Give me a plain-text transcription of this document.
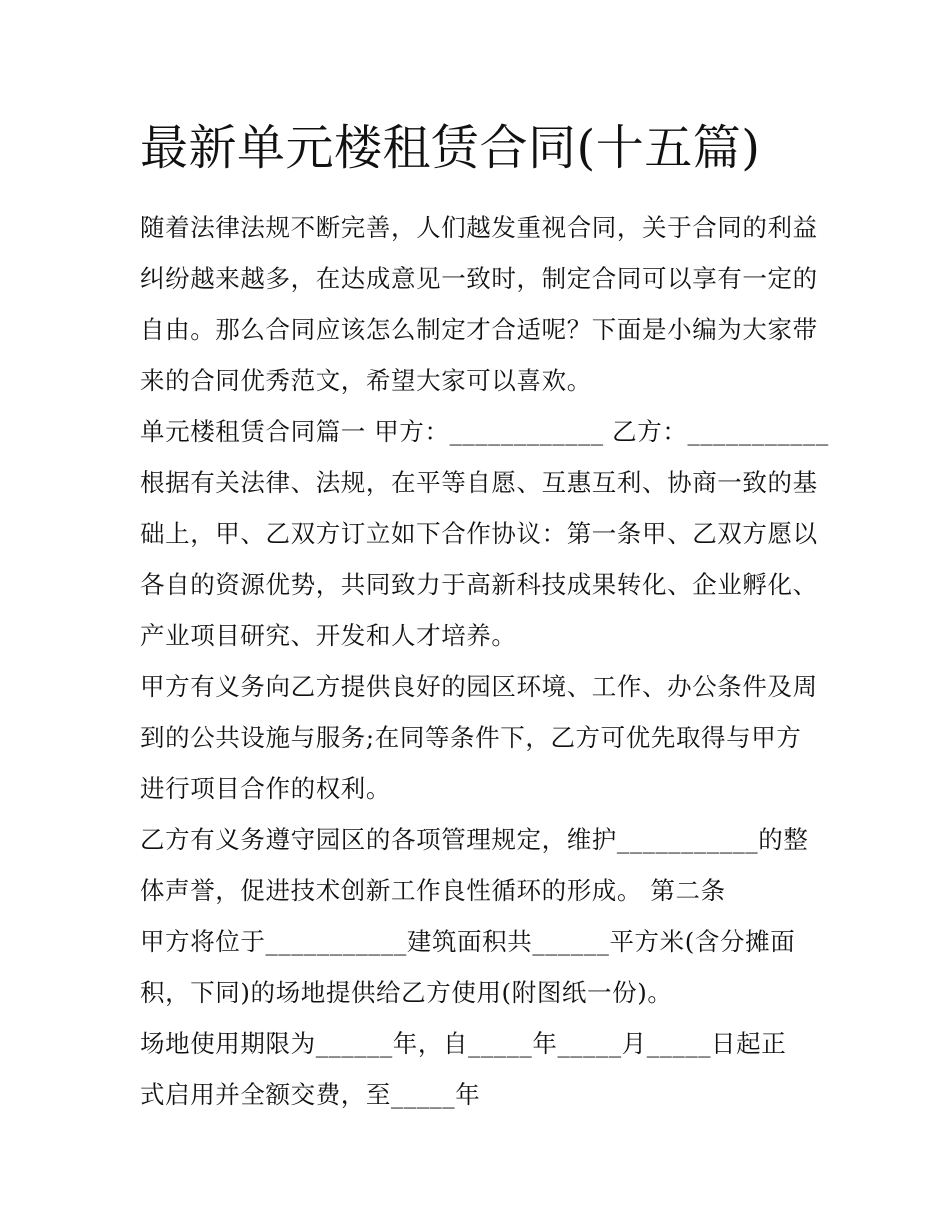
最新单元楼租赁合同(十五篇)
随着法律法规不断完善，人们越发重视合同，关于合同的利益
纠纷越来越多，在达成意见一致时，制定合同可以享有一定的
自由。那么合同应该怎么制定才合适呢？下面是小编为大家带
来的合同优秀范文，希望大家可以喜欢。
单元楼租赁合同篇一 甲方：____________ 乙方：___________
根据有关法律、法规，在平等自愿、互惠互利、协商一致的基
础上，甲、乙双方订立如下合作协议：第一条甲、乙双方愿以
各自的资源优势，共同致力于高新科技成果转化、企业孵化、
产业项目研究、开发和人才培养。
甲方有义务向乙方提供良好的园区环境、工作、办公条件及周
到的公共设施与服务;在同等条件下，乙方可优先取得与甲方
进行项目合作的权利。
乙方有义务遵守园区的各项管理规定，维护___________的整
体声誉，促进技术创新工作良性循环的形成。 第二条
甲方将位于___________建筑面积共______平方米(含分摊面
积，下同)的场地提供给乙方使用(附图纸一份)。
场地使用期限为______年，自_____年_____月_____日起正
式启用并全额交费，至_____年
